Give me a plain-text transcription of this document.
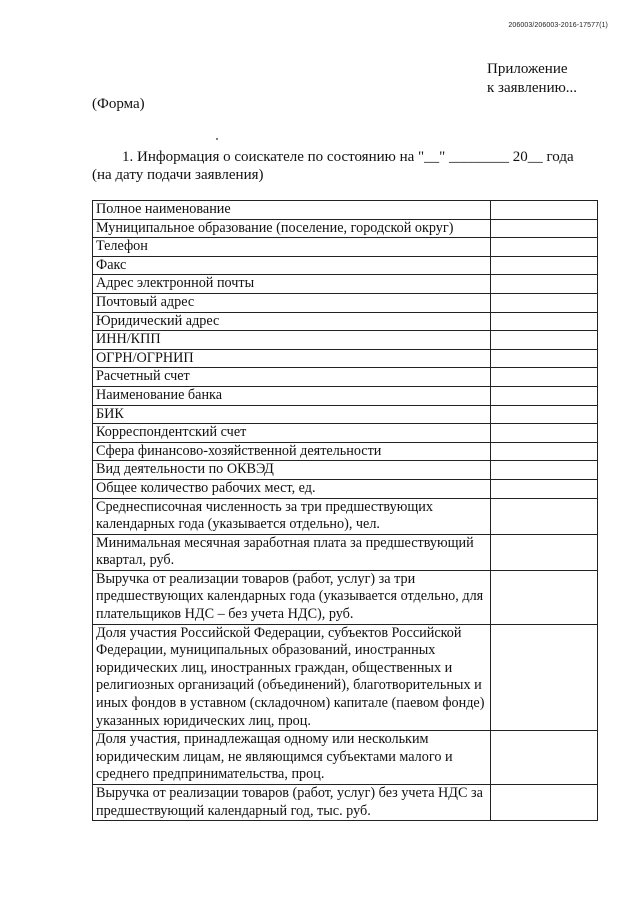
206003/206003-2016-17577(1)
Приложение
к заявлению...
(Форма)
1. Информация о соискателе по состоянию на "__" ________ 20__ года
(на дату подачи заявления)
Полное наименование	
Муниципальное образование (поселение, городской округ)	
Телефон	
Факс	
Адрес электронной почты	
Почтовый адрес	
Юридический адрес	
ИНН/КПП	
ОГРН/ОГРНИП	
Расчетный счет	
Наименование банка	
БИК	
Корреспондентский счет	
Сфера финансово-хозяйственной деятельности	
Вид деятельности по ОКВЭД	
Общее количество рабочих мест, ед.	
Среднесписочная численность за три предшествующих календарных года (указывается отдельно), чел.	
Минимальная месячная заработная плата за предшествующий квартал, руб.	
Выручка от реализации товаров (работ, услуг) за три предшествующих календарных года (указывается отдельно, для плательщиков НДС – без учета НДС), руб.	
Доля участия Российской Федерации, субъектов Российской Федерации, муниципальных образований, иностранных юридических лиц, иностранных граждан, общественных и религиозных организаций (объединений), благотворительных и иных фондов в уставном (складочном) капитале (паевом фонде) указанных юридических лиц, проц.	
Доля участия, принадлежащая одному или нескольким юридическим лицам, не являющимся субъектами малого и среднего предпринимательства, проц.	
Выручка от реализации товаров (работ, услуг) без учета НДС за предшествующий календарный год, тыс. руб.	
